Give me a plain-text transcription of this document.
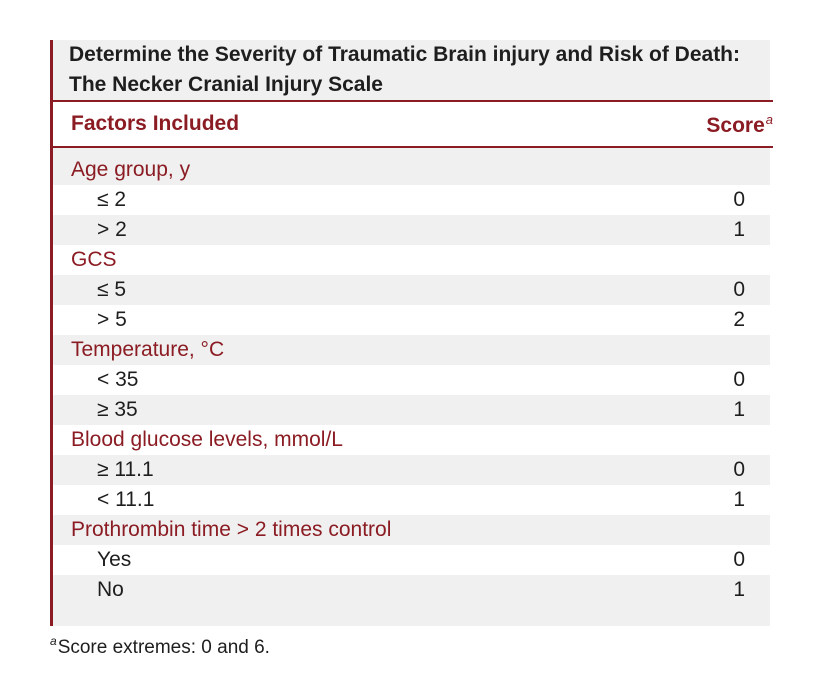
Determine the Severity of Traumatic Brain injury and Risk of Death: The Necker Cranial Injury Scale
Factors Included	Score$^a$
Age group, y
≤ 2	0
> 2	1
GCS
≤ 5	0
> 5	2
Temperature, °C
< 35	0
≥ 35	1
Blood glucose levels, mmol/L
≥ 11.1	0
< 11.1	1
Prothrombin time > 2 times control
Yes	0
No	1
$^a$Score extremes: 0 and 6.
